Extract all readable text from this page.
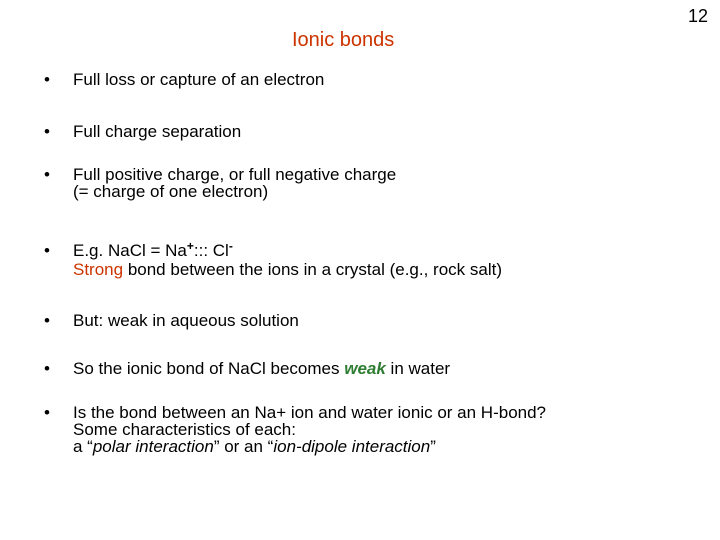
12
Ionic bonds
• Full loss or capture of an electron
• Full charge separation
• Full positive charge, or full negative charge
(= charge of one electron)
• E.g. NaCl = Na+::: Cl-
Strong bond between the ions in a crystal (e.g., rock salt)
• But: weak in aqueous solution
• So the ionic bond of NaCl becomes weak in water
• Is the bond between an Na+ ion and water ionic or an H-bond?
Some characteristics of each:
a “polar interaction” or an “ion-dipole interaction”
